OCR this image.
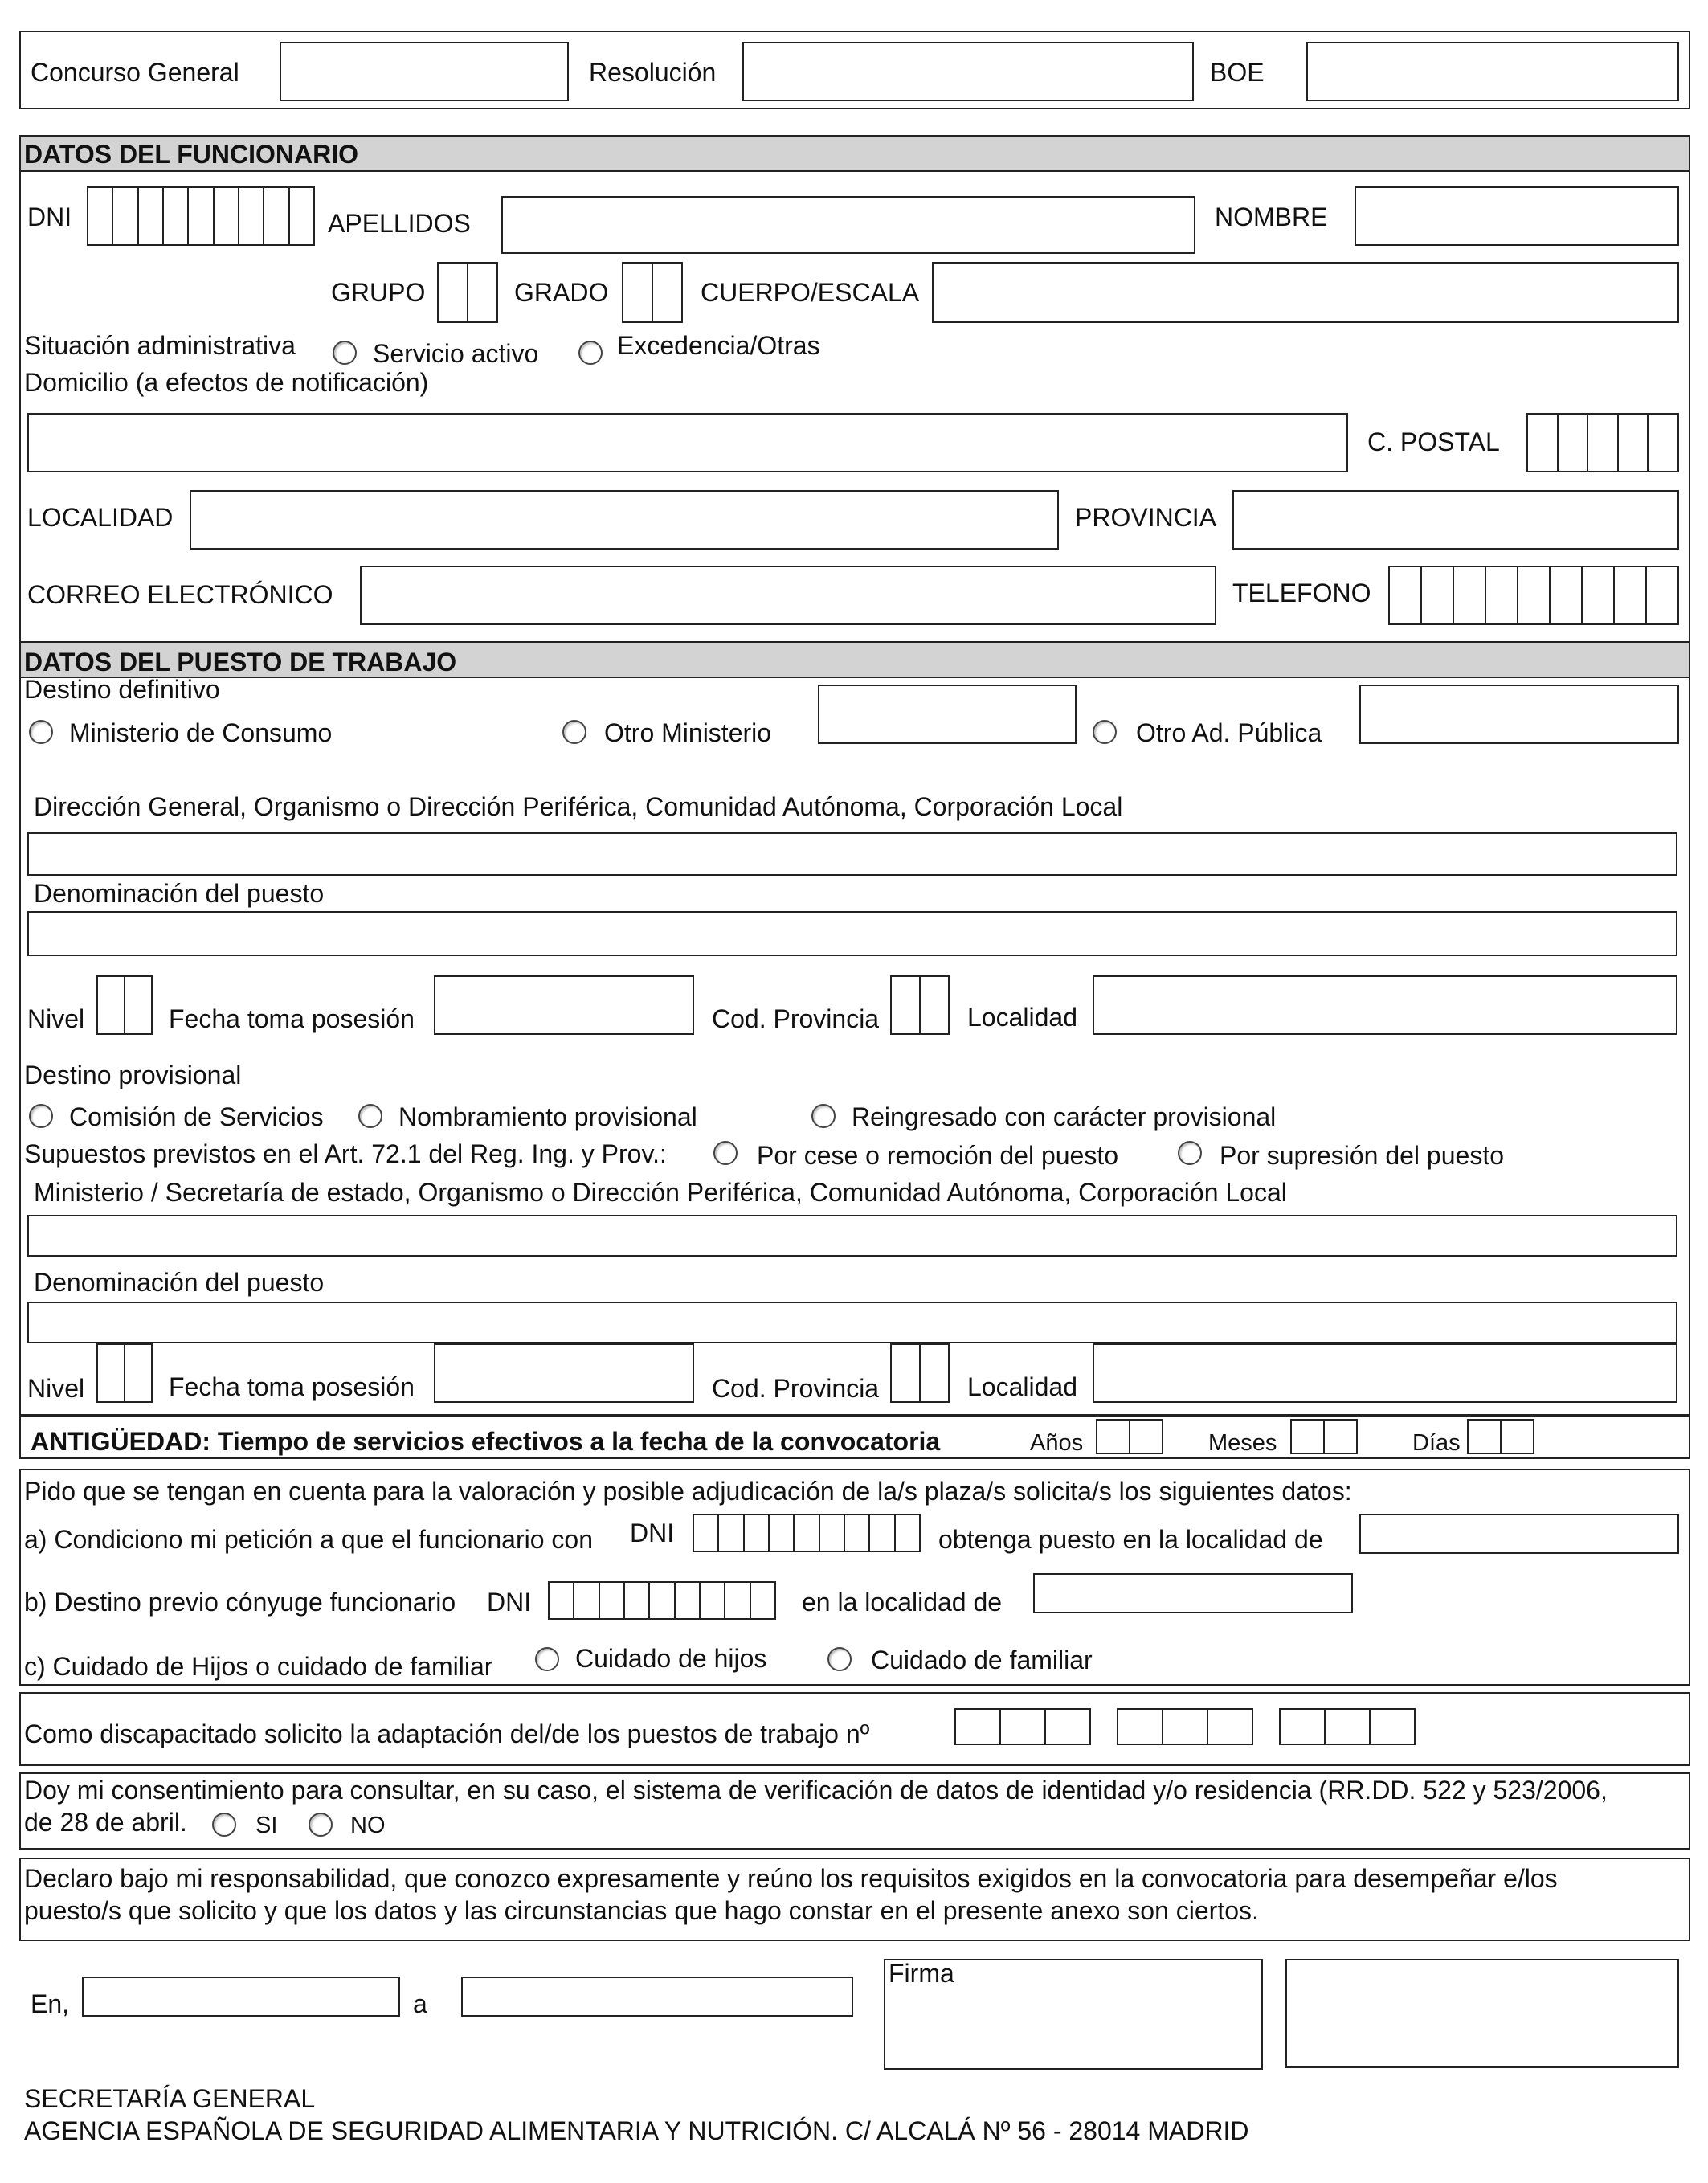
Concurso General	Resolución	BOE
DATOS DEL FUNCIONARIO
DNI	APELLIDOS	NOMBRE
GRUPO	GRADO	CUERPO/ESCALA
Situación administrativa	Servicio activo	Excedencia/Otras
Domicilio (a efectos de notificación)
C. POSTAL
LOCALIDAD	PROVINCIA
CORREO ELECTRÓNICO	TELEFONO
DATOS DEL PUESTO DE TRABAJO
Destino definitivo
Ministerio de Consumo	Otro Ministerio	Otro Ad. Pública
Dirección General, Organismo o Dirección Periférica, Comunidad Autónoma, Corporación Local
Denominación del puesto
Nivel	Fecha toma posesión	Cod. Provincia	Localidad
Destino provisional
Comisión de Servicios	Nombramiento provisional	Reingresado con carácter provisional
Supuestos previstos en el Art. 72.1 del Reg. Ing. y Prov.:	Por cese o remoción del puesto	Por supresión del puesto
Ministerio / Secretaría de estado, Organismo o Dirección Periférica, Comunidad Autónoma, Corporación Local
Denominación del puesto
Nivel	Fecha toma posesión	Cod. Provincia	Localidad
ANTIGÜEDAD: Tiempo de servicios efectivos a la fecha de la convocatoria	Años	Meses	Días
Pido que se tengan en cuenta para la valoración y posible adjudicación de la/s plaza/s solicita/s los siguientes datos:
a) Condiciono mi petición a que el funcionario con DNI	obtenga puesto en la localidad de
b) Destino previo cónyuge funcionario DNI	en la localidad de
c) Cuidado de Hijos o cuidado de familiar	Cuidado de hijos	Cuidado de familiar
Como discapacitado solicito la adaptación del/de los puestos de trabajo nº
Doy mi consentimiento para consultar, en su caso, el sistema de verificación de datos de identidad y/o residencia (RR.DD. 522 y 523/2006,
de 28 de abril.	SI	NO
Declaro bajo mi responsabilidad, que conozco expresamente y reúno los requisitos exigidos en la convocatoria para desempeñar e/los
puesto/s que solicito y que los datos y las circunstancias que hago constar en el presente anexo son ciertos.
En,	a
Firma
SECRETARÍA GENERAL
AGENCIA ESPAÑOLA DE SEGURIDAD ALIMENTARIA Y NUTRICIÓN. C/ ALCALÁ Nº 56 - 28014 MADRID
